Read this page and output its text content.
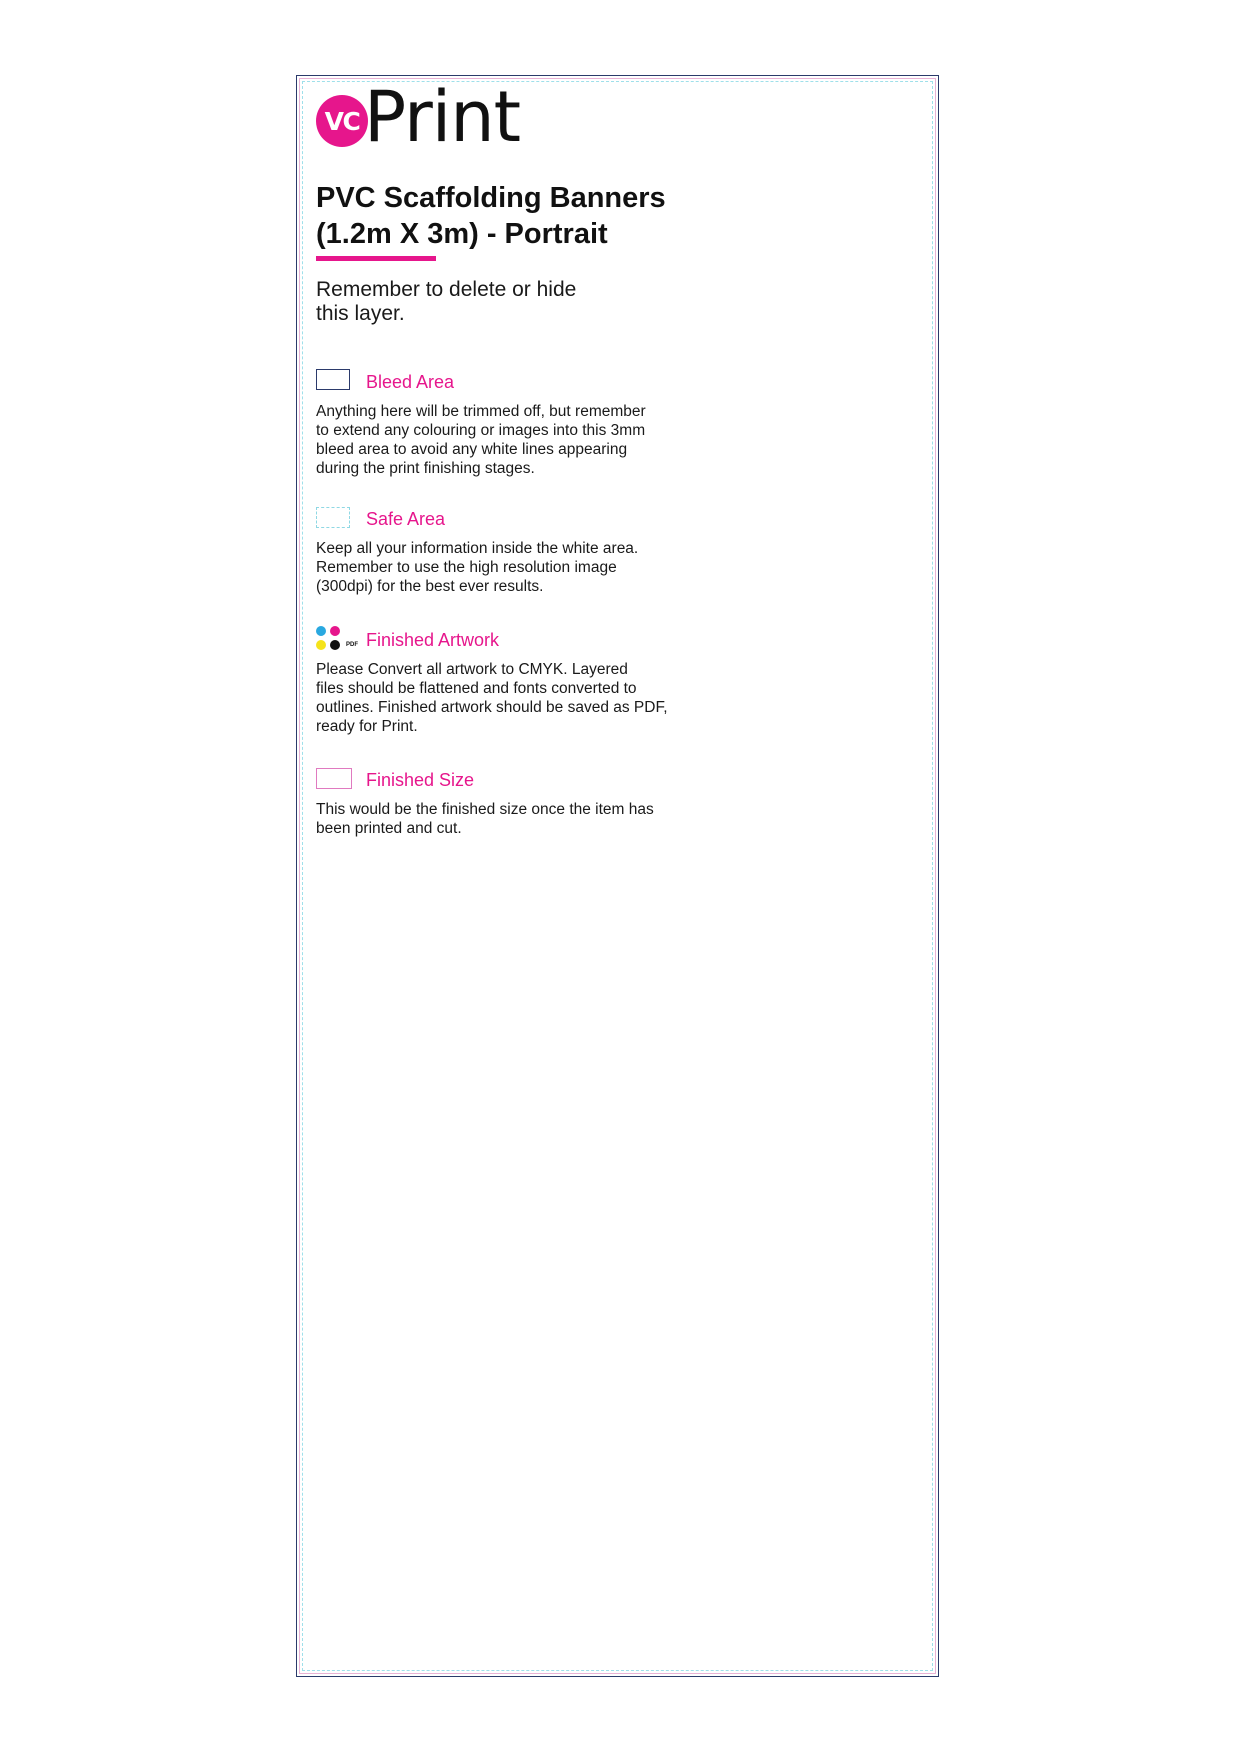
VC Print
PVC Scaffolding Banners
(1.2m X 3m) - Portrait
Remember to delete or hide
this layer.
Bleed Area
Anything here will be trimmed off, but remember
to extend any colouring or images into this 3mm
bleed area to avoid any white lines appearing
during the print finishing stages.
Safe Area
Keep all your information inside the white area.
Remember to use the high resolution image
(300dpi) for the best ever results.
PDF Finished Artwork
Please Convert all artwork to CMYK. Layered
files should be flattened and fonts converted to
outlines. Finished artwork should be saved as PDF,
ready for Print.
Finished Size
This would be the finished size once the item has
been printed and cut.
